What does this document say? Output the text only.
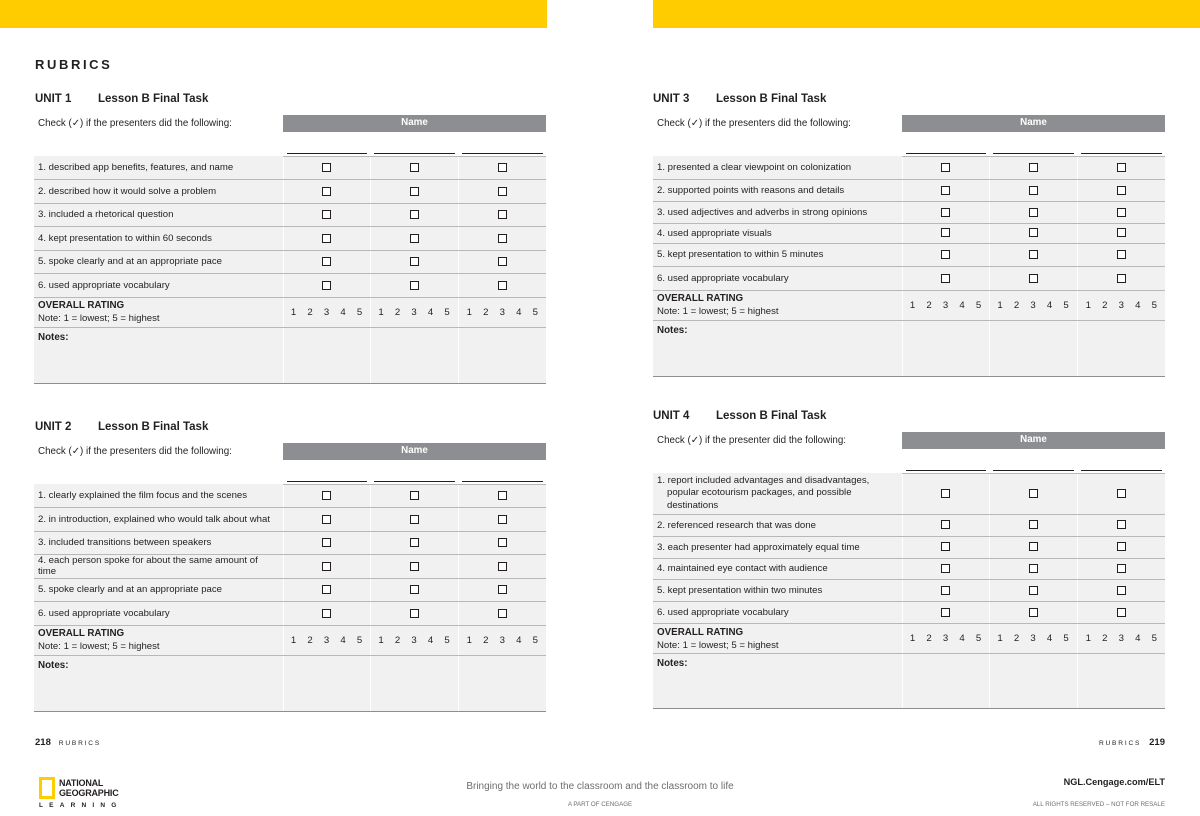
RUBRICS
UNIT 1 Lesson B Final Task
Check (✓) if the presenters did the following:	Name		

1. described app benefits, features, and name			
2. described how it would solve a problem			
3. included a rhetorical question			
4. kept presentation to within 60 seconds			
5. spoke clearly and at an appropriate pace			
6. used appropriate vocabulary			

OVERALL RATING
Note: 1 = lowest; 5 = highest	1 2 3 4 5	1 2 3 4 5	1 2 3 4 5
Notes:			
UNIT 2 Lesson B Final Task
Check (✓) if the presenters did the following:	Name		

1. clearly explained the film focus and the scenes			
2. in introduction, explained who would talk about what			
3. included transitions between speakers			
4. each person spoke for about the same amount of time			
5. spoke clearly and at an appropriate pace			
6. used appropriate vocabulary			

OVERALL RATING
Note: 1 = lowest; 5 = highest	1 2 3 4 5	1 2 3 4 5	1 2 3 4 5
Notes:			
UNIT 3 Lesson B Final Task
Check (✓) if the presenters did the following:	Name		

1. presented a clear viewpoint on colonization			
2. supported points with reasons and details			
3. used adjectives and adverbs in strong opinions			
4. used appropriate visuals			
5. kept presentation to within 5 minutes			
6. used appropriate vocabulary			

OVERALL RATING
Note: 1 = lowest; 5 = highest	1 2 3 4 5	1 2 3 4 5	1 2 3 4 5
Notes:			
UNIT 4 Lesson B Final Task
Check (✓) if the presenter did the following:	Name		

1. report included advantages and disadvantages,
popular ecotourism packages, and possible
destinations			
2. referenced research that was done			
3. each presenter had approximately equal time			
4. maintained eye contact with audience			
5. kept presentation within two minutes			
6. used appropriate vocabulary			

OVERALL RATING
Note: 1 = lowest; 5 = highest	1 2 3 4 5	1 2 3 4 5	1 2 3 4 5
Notes:			
218 RUBRICS	RUBRICS 219
NATIONAL
GEOGRAPHIC
LEARNING
Bringing the world to the classroom and the classroom to life
A PART OF CENGAGE
NGL.Cengage.com/ELT
ALL RIGHTS RESERVED – NOT FOR RESALE
